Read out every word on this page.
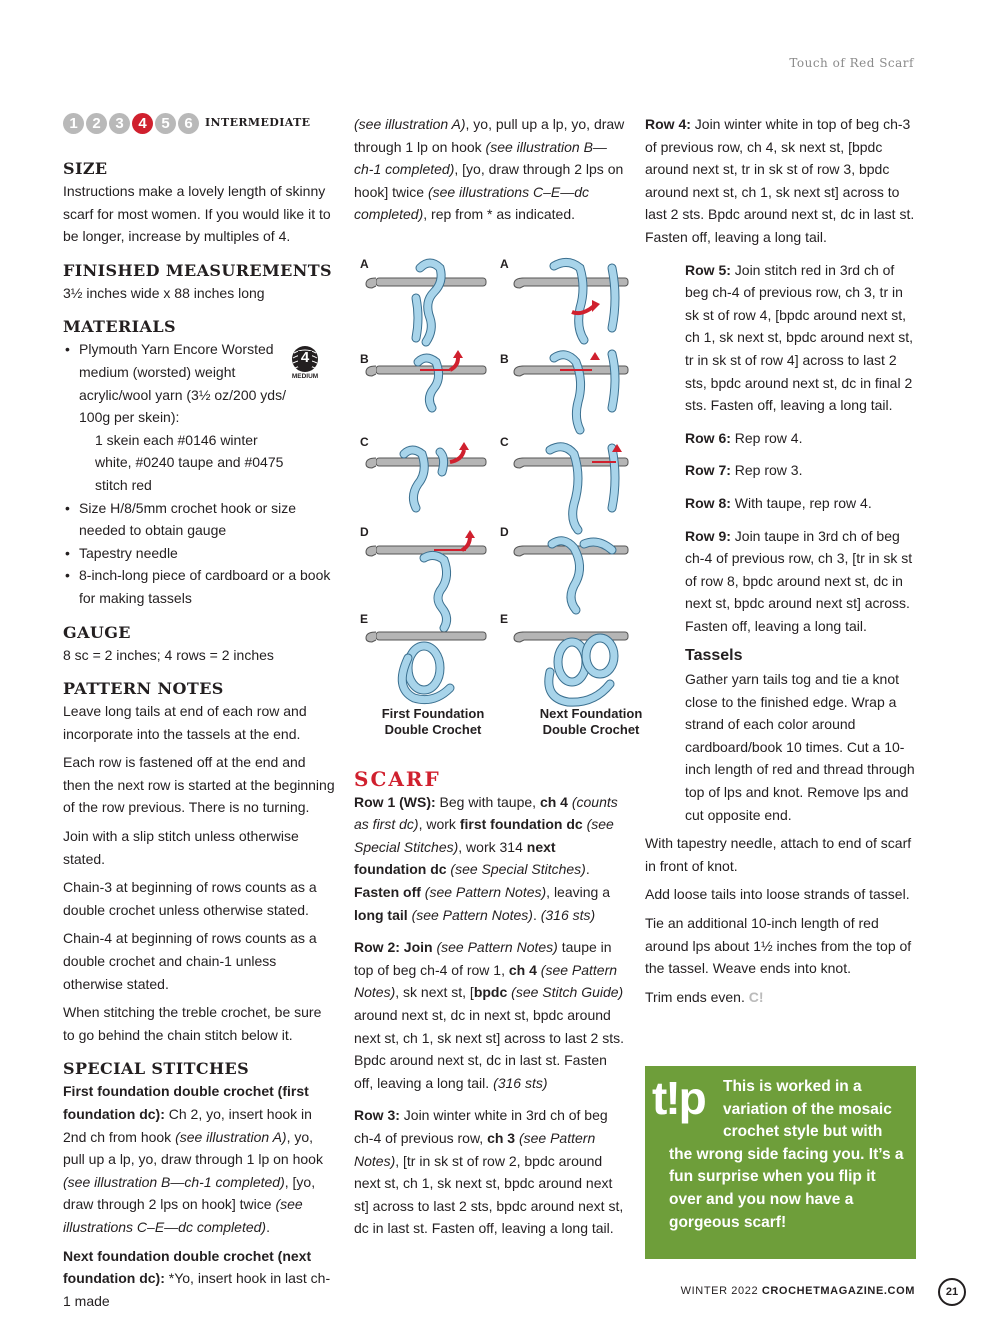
Touch of Red Scarf
1 2 3 4 5 6	INTERMEDIATE
SIZE

Instructions make a lovely length of skinny scarf for most women. If you would like it to be longer, increase by multiples of 4.

FINISHED MEASUREMENTS

3½ inches wide x 88 inches long

MATERIALS
• Plymouth Yarn Encore Worsted medium (worsted) weight acrylic/wool yarn (3½ oz/200 yds/ 100g per skein):
1 skein each #0146 winter white, #0240 taupe and #0475 stitch red
• Size H/8/5mm crochet hook or size needed to obtain gauge
• Tapestry needle
• 8-inch-long piece of cardboard or a book for making tassels
GAUGE

8 sc = 2 inches; 4 rows = 2 inches

PATTERN NOTES

Leave long tails at end of each row and incorporate into the tassels at the end.

Each row is fastened off at the end and then the next row is started at the beginning of the row previous. There is no turning.

Join with a slip stitch unless otherwise stated.

Chain-3 at beginning of rows counts as a double crochet unless otherwise stated.

Chain-4 at beginning of rows counts as a double crochet and chain-1 unless otherwise stated.

When stitching the treble crochet, be sure to go behind the chain stitch below it.

SPECIAL STITCHES

First foundation double crochet (first foundation dc): Ch 2, yo, insert hook in 2nd ch from hook (see illustration A), yo, pull up a lp, yo, draw through 1 lp on hook (see illustration B—ch-1 completed), [yo, draw through 2 lps on hook] twice (see illustrations C–E—dc completed).

Next foundation double crochet (next foundation dc): *Yo, insert hook in last ch-1 made

4
MEDIUM

(see illustration A), yo, pull up a lp, yo, draw through 1 lp on hook (see illustration B—ch-1 completed), [yo, draw through 2 lps on hook] twice (see illustrations C–E—dc completed), rep from * as indicated.

A
B
C
D
E
A
B
C
D
E
First Foundation
Double Crochet
Next Foundation
Double Crochet
SCARF

Row 1 (WS): Beg with taupe, ch 4 (counts as first dc), work first foundation dc (see Special Stitches), work 314 next foundation dc (see Special Stitches). Fasten off (see Pattern Notes), leaving a long tail (see Pattern Notes). (316 sts)

Row 2: Join (see Pattern Notes) taupe in top of beg ch-4 of row 1, ch 4 (see Pattern Notes), sk next st, [bpdc (see Stitch Guide) around next st, dc in next st, bpdc around next st, ch 1, sk next st] across to last 2 sts. Bpdc around next st, dc in last st. Fasten off, leaving a long tail. (316 sts)

Row 3: Join winter white in 3rd ch of beg ch-4 of previous row, ch 3 (see Pattern Notes), [tr in sk st of row 2, bpdc around next st, ch 1, sk next st, bpdc around next st] across to last 2 sts, bpdc around next st, dc in last st. Fasten off, leaving a long tail.

Row 4: Join winter white in top of beg ch-3 of previous row, ch 4, sk next st, [bpdc around next st, tr in sk st of row 3, bpdc around next st, ch 1, sk next st] across to last 2 sts. Bpdc around next st, dc in last st. Fasten off, leaving a long tail.

Row 5: Join stitch red in 3rd ch of beg ch-4 of previous row, ch 3, tr in sk st of row 4, [bpdc around next st, ch 1, sk next st, bpdc around next st, tr in sk st of row 4] across to last 2 sts, bpdc around next st, dc in final 2 sts. Fasten off, leaving a long tail.

Row 6: Rep row 4.

Row 7: Rep row 3.

Row 8: With taupe, rep row 4.

Row 9: Join taupe in 3rd ch of beg ch-4 of previous row, ch 3, [tr in sk st of row 8, bpdc around next st, dc in next st, bpdc around next st] across. Fasten off, leaving a long tail.

Tassels

Gather yarn tails tog and tie a knot close to the finished edge. Wrap a strand of each color around cardboard/book 10 times. Cut a 10-inch length of red and thread through top of lps and knot. Remove lps and cut opposite end.

With tapestry needle, attach to end of scarf in front of knot.

Add loose tails into loose strands of tassel.

Tie an additional 10-inch length of red around lps about 1½ inches from the top of the tassel. Weave ends into knot.

Trim ends even. C!

t!p	This is worked in a variation of the mosaic crochet style but with
the wrong side facing you. It’s a fun surprise when you flip it over and you now have a gorgeous scarf!
WINTER 2022 CROCHETMAGAZINE.COM	21
